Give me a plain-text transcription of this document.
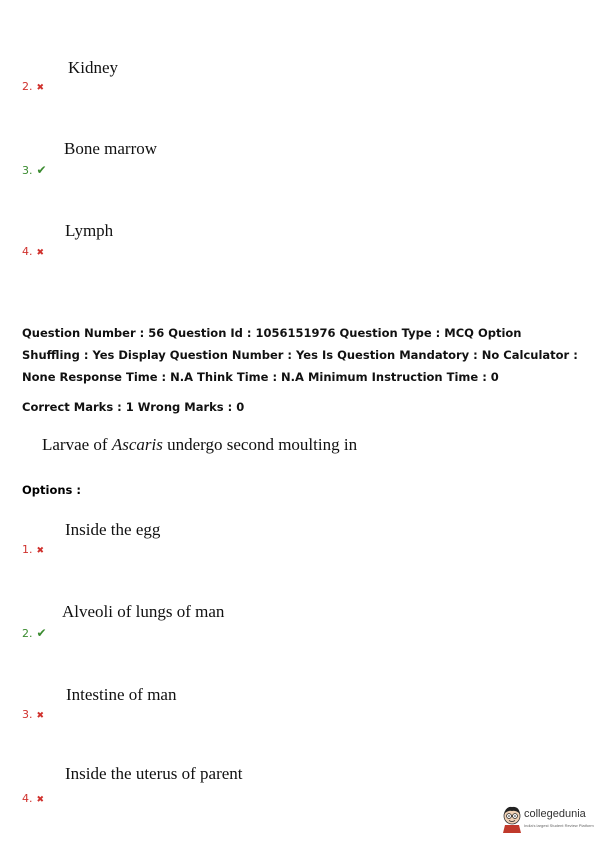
Kidney
2. ✖
Bone marrow
3. ✔
Lymph
4. ✖
Question Number : 56 Question Id : 1056151976 Question Type : MCQ Option Shuffling : Yes Display Question Number : Yes Is Question Mandatory : No Calculator : None Response Time : N.A Think Time : N.A Minimum Instruction Time : 0
Correct Marks : 1 Wrong Marks : 0
Larvae of Ascaris undergo second moulting in
Options :
Inside the egg
1. ✖
Alveoli of lungs of man
2. ✔
Intestine of man
3. ✖
Inside the uterus of parent
4. ✖
collegedunia
India's largest Student Review Platform
